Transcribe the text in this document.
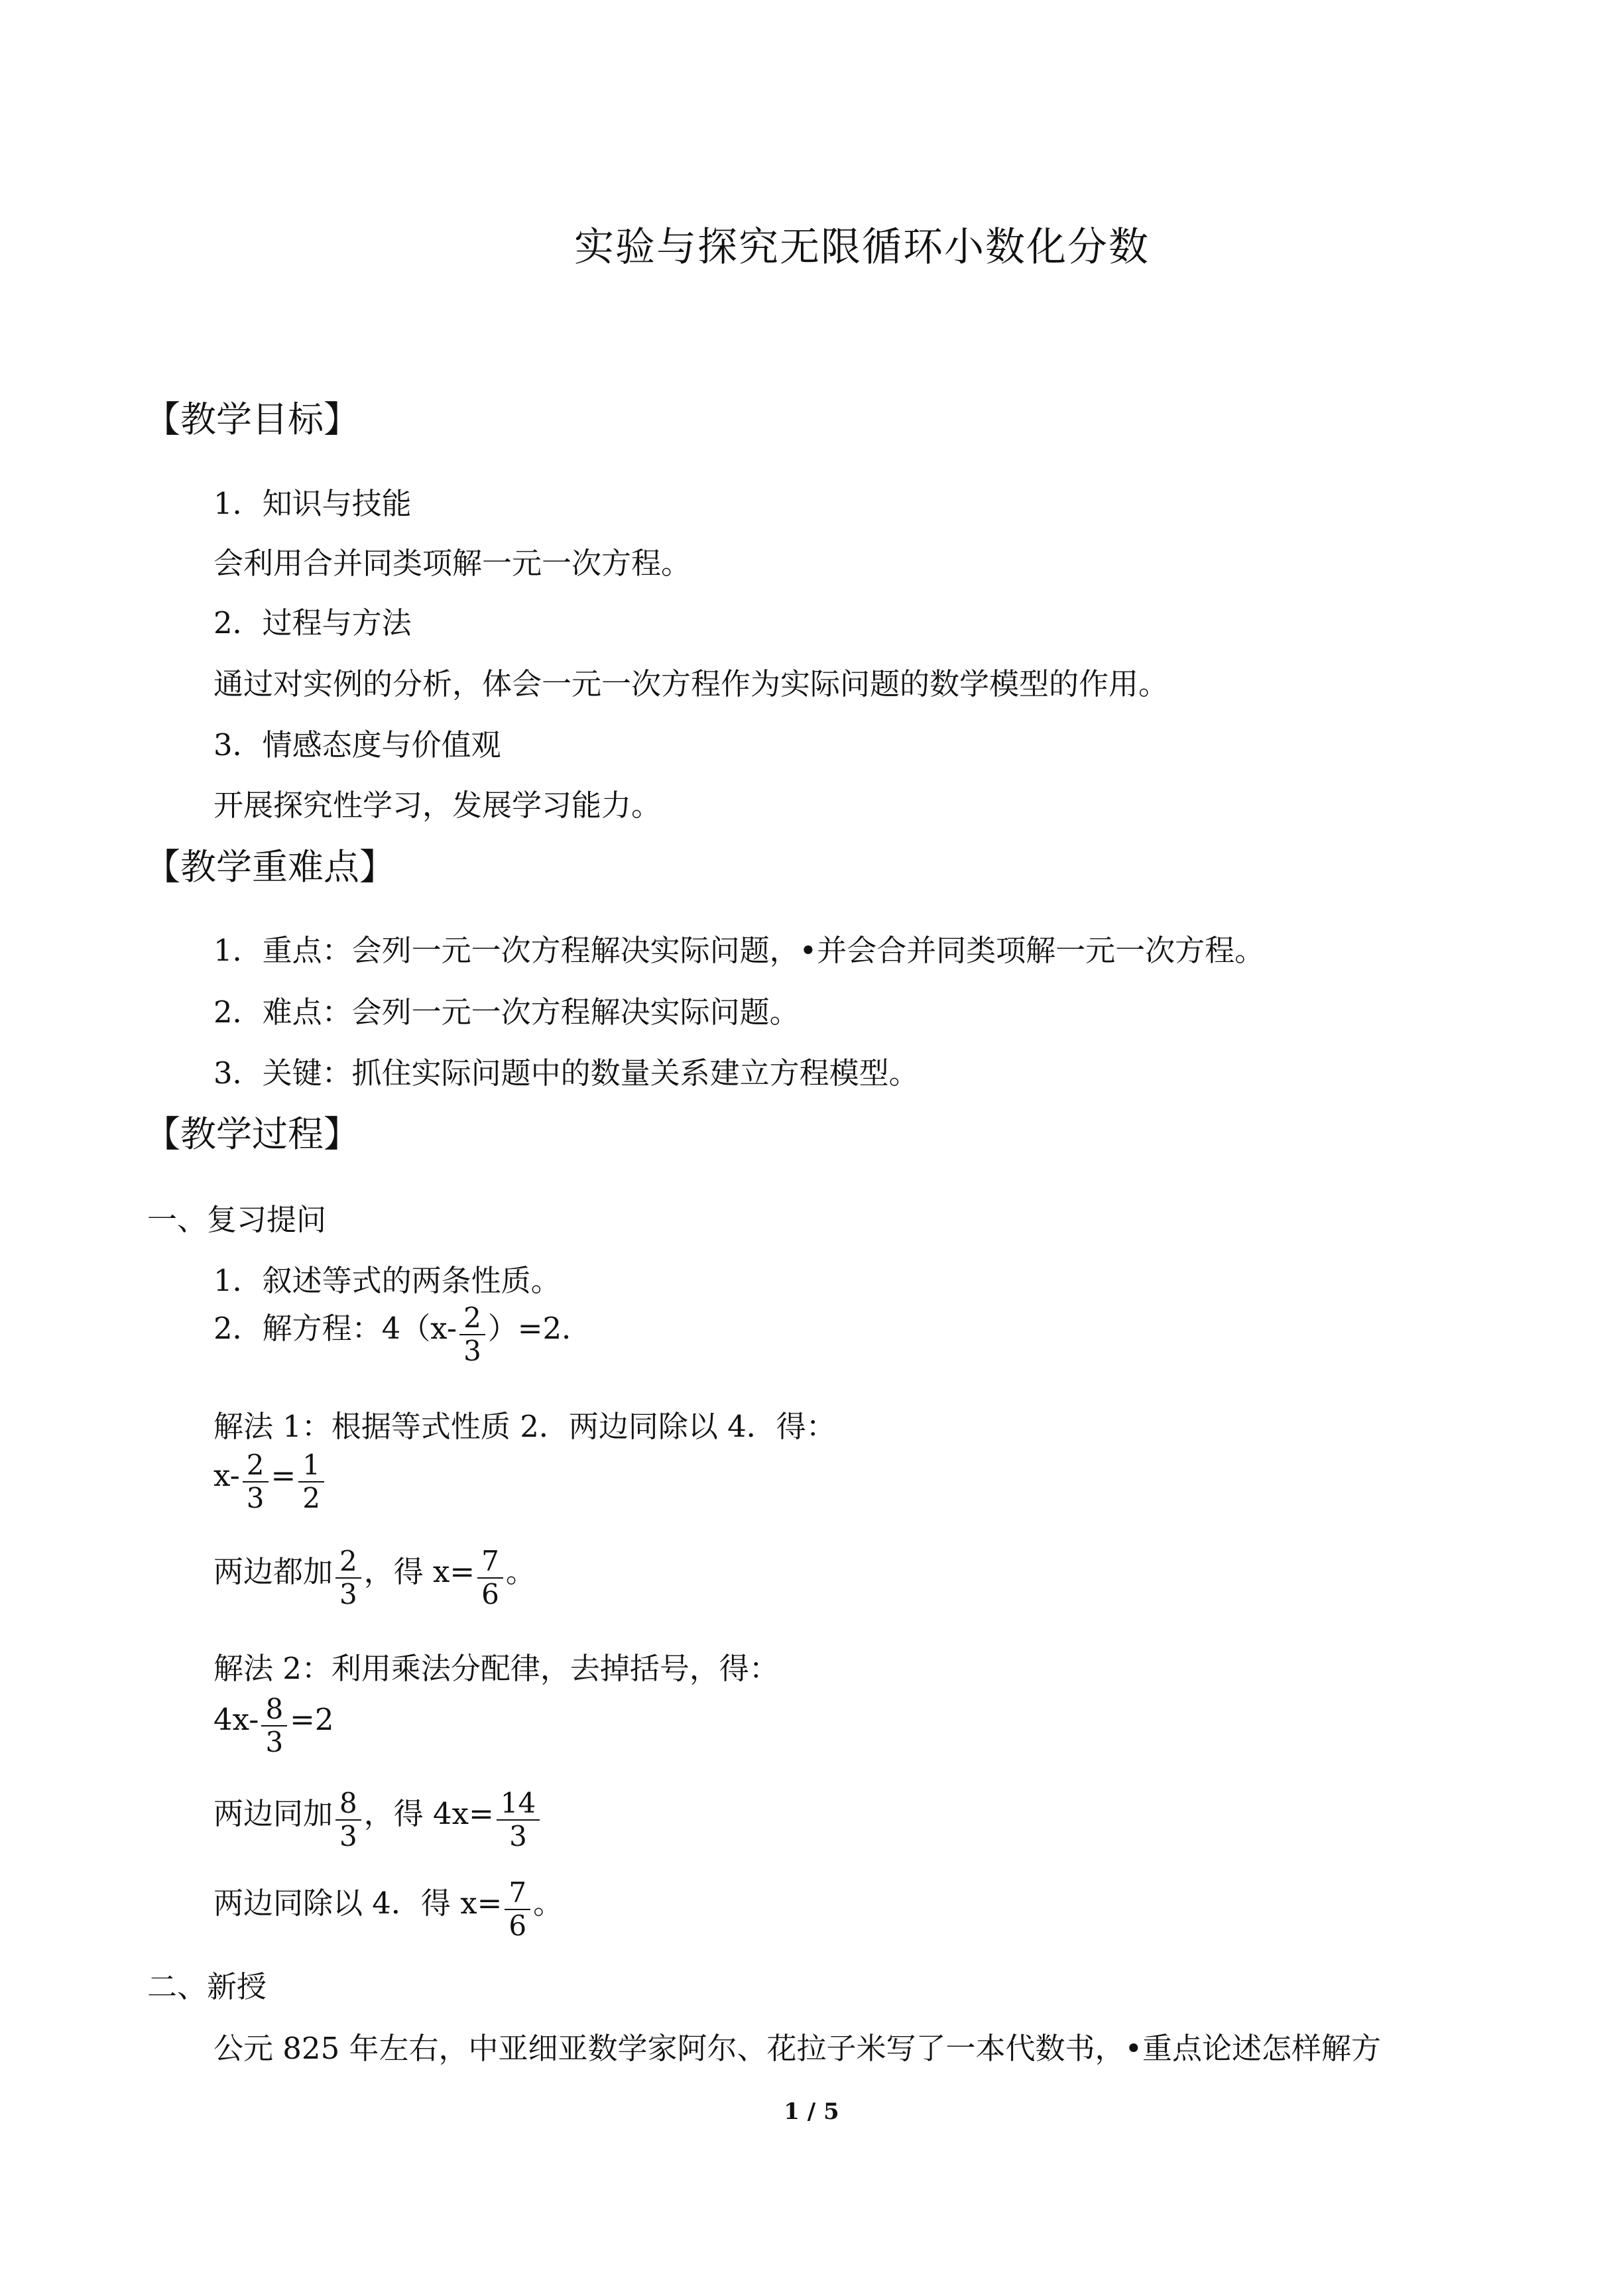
实验与探究无限循环小数化分数
【教学目标】
1．知识与技能
会利用合并同类项解一元一次方程。
2．过程与方法
通过对实例的分析，体会一元一次方程作为实际问题的数学模型的作用。
3．情感态度与价值观
开展探究性学习，发展学习能力。
【教学重难点】
1．重点：会列一元一次方程解决实际问题，•并会合并同类项解一元一次方程。
2．难点：会列一元一次方程解决实际问题。
3．关键：抓住实际问题中的数量关系建立方程模型。
【教学过程】
一、复习提问
1．叙述等式的两条性质。
2．解方程：$4(x- \frac{2}{3} )=2$．
解法 1：根据等式性质 2．两边同除以 4．得：
$x- \frac{2}{3} = \frac{1}{2}$
两边都加 $\frac{2}{3}$ ，得 $x= \frac{7}{6}$ 。
解法 2：利用乘法分配律，去掉括号，得：
$4x- \frac{8}{3} =2$
两边同加 $\frac{8}{3}$ ，得 $4x= \frac{14}{3}$
两边同除以 4．得 $x= \frac{7}{6}$ 。
二、新授
公元 825 年左右，中亚细亚数学家阿尔、花拉子米写了一本代数书，•重点论述怎样解方
1 / 5
